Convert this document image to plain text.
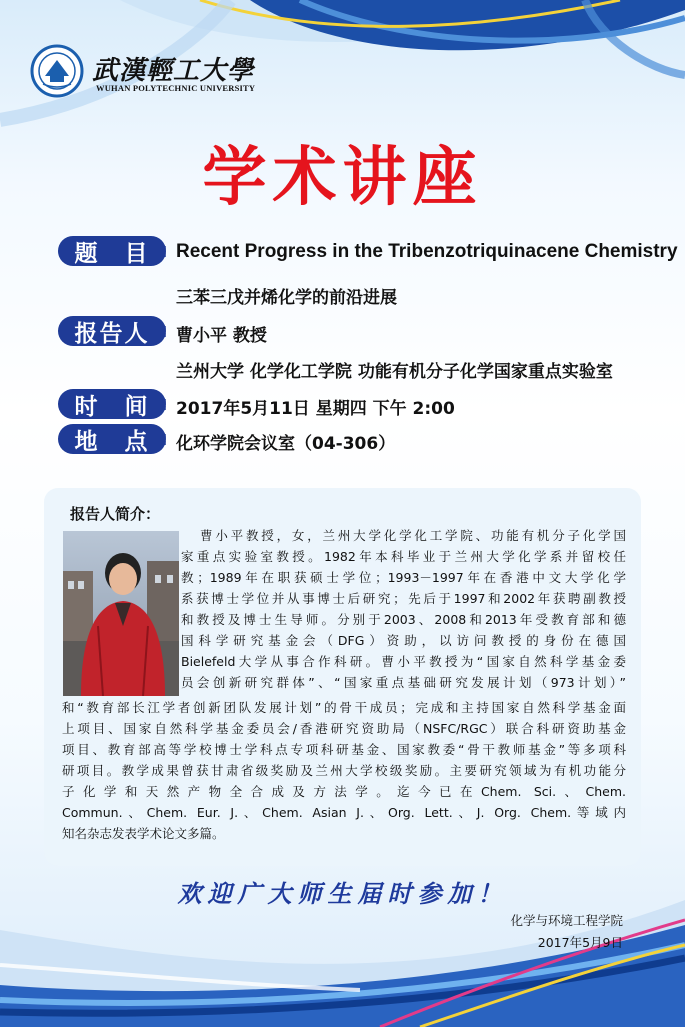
武漢輕工大學
WUHAN POLYTECHNIC UNIVERSITY
学术讲座
题　目 : Recent Progress in the Tribenzotriquinacene Chemistry
三苯三戊并烯化学的前沿进展
报告人 : 曹小平 教授
兰州大学 化学化工学院 功能有机分子化学国家重点实验室
时　间 : 2017年5月11日 星期四 下午 2:00
地　点 : 化环学院会议室（04-306）
报告人简介：
曹小平教授，女，兰州大学化学化工学院、功能有机分子化学国
家重点实验室教授。1982年本科毕业于兰州大学化学系并留校任
教；1989年在职获硕士学位；1993－1997年在香港中文大学化学
系获博士学位并从事博士后研究；先后于1997和2002年获聘副教授
和教授及博士生导师。分别于2003、2008和2013年受教育部和德
国科学研究基金会（DFG）资助，以访问教授的身份在德国
Bielefeld大学从事合作科研。曹小平教授为“国家自然科学基金委
员会创新研究群体”、“国家重点基础研究发展计划（973计划）”
和“教育部长江学者创新团队发展计划”的骨干成员；完成和主持国家自然科学基金面
上项目、国家自然科学基金委员会/香港研究资助局（NSFC/RGC）联合科研资助基金
项目、教育部高等学校博士学科点专项科研基金、国家教委“骨干教师基金”等多项科
研项目。教学成果曾获甘肃省级奖励及兰州大学校级奖励。主要研究领域为有机功能分
子化学和天然产物全合成及方法学。迄今已在Chem. Sci.、Chem.
Commun.、Chem. Eur. J.、Chem. Asian J.、Org. Lett.、J. Org. Chem.等域内
知名杂志发表学术论文多篇。
欢迎广大师生届时参加！
化学与环境工程学院
2017年5月9日
